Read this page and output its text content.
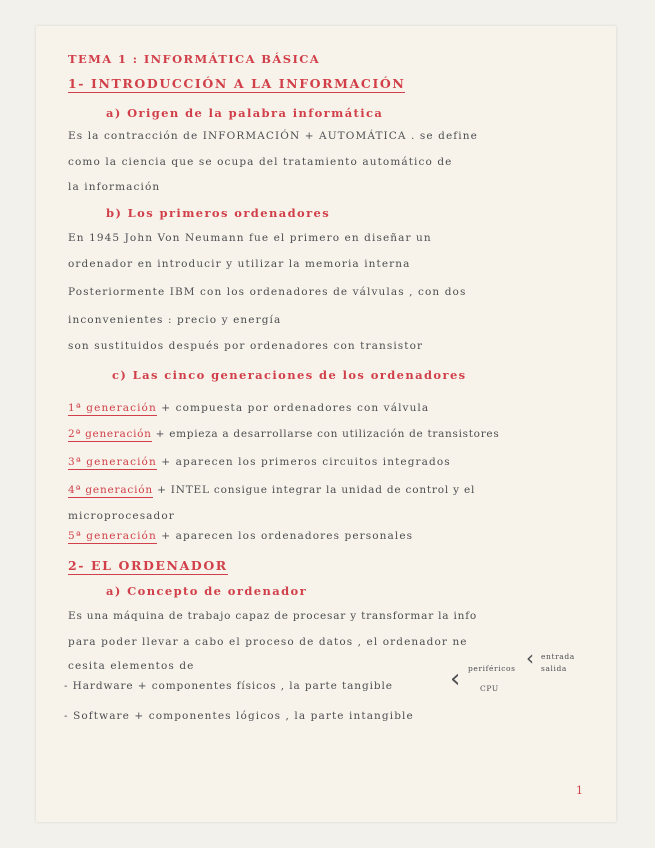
TEMA 1 : INFORMÁTICA BÁSICA
1- INTRODUCCIÓN A LA INFORMACIÓN
a) Origen de la palabra informática
Es la contracción de INFORMACIÓN + AUTOMÁTICA . se define
como la ciencia que se ocupa del tratamiento automático de
la información
b) Los primeros ordenadores
En 1945 John Von Neumann fue el primero en diseñar un
ordenador en introducir y utilizar la memoria interna
Posteriormente IBM con los ordenadores de válvulas , con dos
inconvenientes : precio y energía
son sustituidos después por ordenadores con transistor
c) Las cinco generaciones de los ordenadores
1ª generación + compuesta por ordenadores con válvula
2ª generación + empieza a desarrollarse con utilización de transistores
3ª generación + aparecen los primeros circuitos integrados
4ª generación + INTEL consigue integrar la unidad de control y el
microprocesador
5ª generación + aparecen los ordenadores personales
2- EL ORDENADOR
a) Concepto de ordenador
Es una máquina de trabajo capaz de procesar y transformar la info
para poder llevar a cabo el proceso de datos , el ordenador ne
cesita elementos de
- Hardware + componentes físicos , la parte tangible ‹ periféricos ‹ entrada
salida
CPU
- Software + componentes lógicos , la parte intangible
1
